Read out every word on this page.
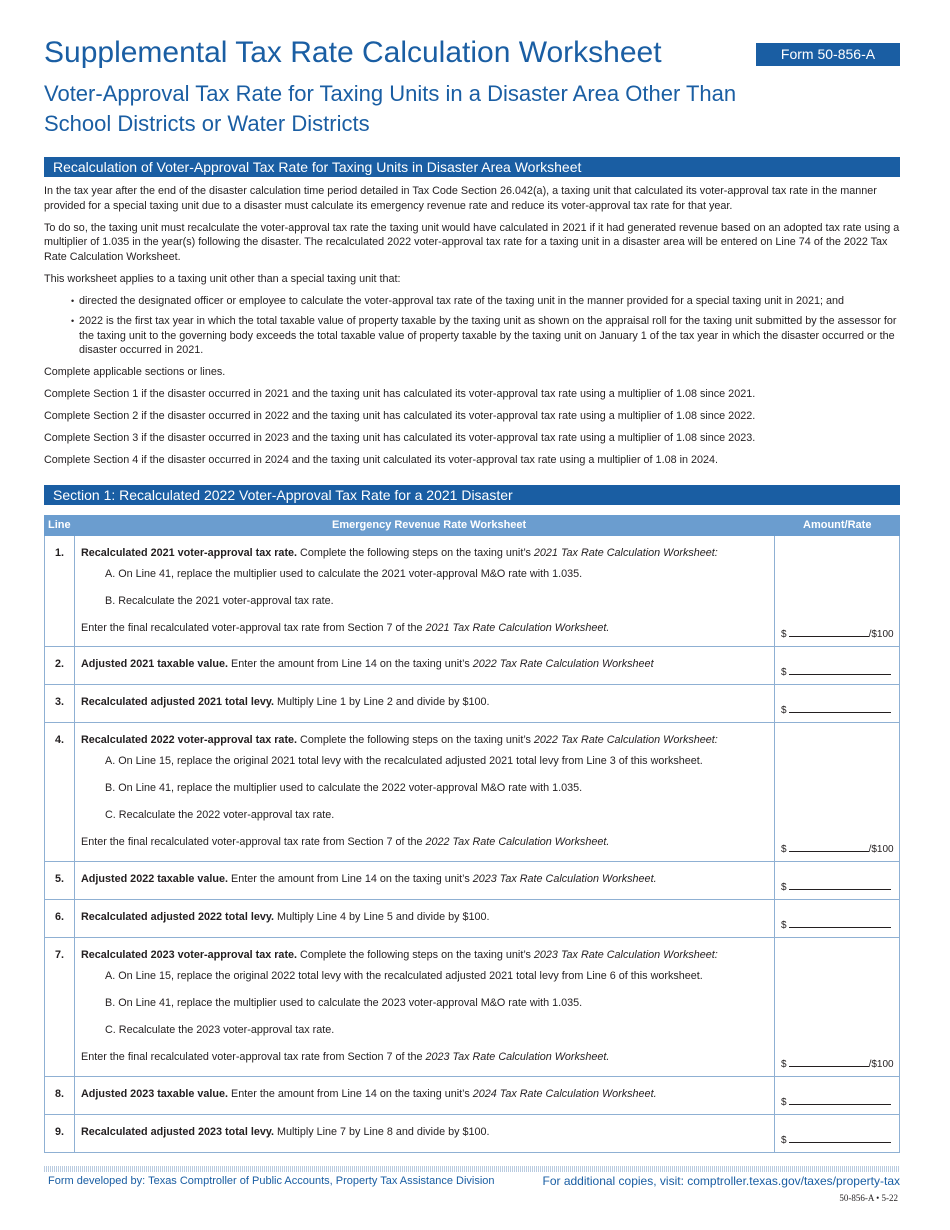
Supplemental Tax Rate Calculation Worksheet	Form 50-856-A
Voter-Approval Tax Rate for Taxing Units in a Disaster Area Other Than School Districts or Water Districts
Recalculation of Voter-Approval Tax Rate for Taxing Units in Disaster Area Worksheet

In the tax year after the end of the disaster calculation time period detailed in Tax Code Section 26.042(a), a taxing unit that calculated its voter-approval tax rate in the manner provided for a special taxing unit due to a disaster must calculate its emergency revenue rate and reduce its voter-approval tax rate for that year.

To do so, the taxing unit must recalculate the voter-approval tax rate the taxing unit would have calculated in 2021 if it had generated revenue based on an adopted tax rate using a multiplier of 1.035 in the year(s) following the disaster. The recalculated 2022 voter-approval tax rate for a taxing unit in a disaster area will be entered on Line 74 of the 2022 Tax Rate Calculation Worksheet.

This worksheet applies to a taxing unit other than a special taxing unit that:

• directed the designated officer or employee to calculate the voter-approval tax rate of the taxing unit in the manner provided for a special taxing unit in 2021; and
• 2022 is the first tax year in which the total taxable value of property taxable by the taxing unit as shown on the appraisal roll for the taxing unit submitted by the assessor for the taxing unit to the governing body exceeds the total taxable value of property taxable by the taxing unit on January 1 of the tax year in which the disaster occurred or the disaster occurred in 2021.

Complete applicable sections or lines.

Complete Section 1 if the disaster occurred in 2021 and the taxing unit has calculated its voter-approval tax rate using a multiplier of 1.08 since 2021.

Complete Section 2 if the disaster occurred in 2022 and the taxing unit has calculated its voter-approval tax rate using a multiplier of 1.08 since 2022.

Complete Section 3 if the disaster occurred in 2023 and the taxing unit has calculated its voter-approval tax rate using a multiplier of 1.08 since 2023.

Complete Section 4 if the disaster occurred in 2024 and the taxing unit calculated its voter-approval tax rate using a multiplier of 1.08 in 2024.

Section 1: Recalculated 2022 Voter-Approval Tax Rate for a 2021 Disaster
Line	Emergency Revenue Rate Worksheet	Amount/Rate
1.	Recalculated 2021 voter-approval tax rate. Complete the following steps on the taxing unit’s 2021 Tax Rate Calculation Worksheet:
A. On Line 41, replace the multiplier used to calculate the 2021 voter-approval M&O rate with 1.035.
B. Recalculate the 2021 voter-approval tax rate.
Enter the final recalculated voter-approval tax rate from Section 7 of the 2021 Tax Rate Calculation Worksheet.
$	/$100
2.	Adjusted 2021 taxable value. Enter the amount from Line 14 on the taxing unit’s 2022 Tax Rate Calculation Worksheet
$
3.	Recalculated adjusted 2021 total levy. Multiply Line 1 by Line 2 and divide by $100.
$
4.	Recalculated 2022 voter-approval tax rate. Complete the following steps on the taxing unit’s 2022 Tax Rate Calculation Worksheet:
A. On Line 15, replace the original 2021 total levy with the recalculated adjusted 2021 total levy from Line 3 of this worksheet.
B. On Line 41, replace the multiplier used to calculate the 2022 voter-approval M&O rate with 1.035.
C. Recalculate the 2022 voter-approval tax rate.
Enter the final recalculated voter-approval tax rate from Section 7 of the 2022 Tax Rate Calculation Worksheet.
$	/$100
5.	Adjusted 2022 taxable value. Enter the amount from Line 14 on the taxing unit’s 2023 Tax Rate Calculation Worksheet.
$
6.	Recalculated adjusted 2022 total levy. Multiply Line 4 by Line 5 and divide by $100.
$
7.	Recalculated 2023 voter-approval tax rate. Complete the following steps on the taxing unit’s 2023 Tax Rate Calculation Worksheet:
A. On Line 15, replace the original 2022 total levy with the recalculated adjusted 2021 total levy from Line 6 of this worksheet.
B. On Line 41, replace the multiplier used to calculate the 2023 voter-approval M&O rate with 1.035.
C. Recalculate the 2023 voter-approval tax rate.
Enter the final recalculated voter-approval tax rate from Section 7 of the 2023 Tax Rate Calculation Worksheet.
$	/$100
8.	Adjusted 2023 taxable value. Enter the amount from Line 14 on the taxing unit’s 2024 Tax Rate Calculation Worksheet.
$
9.	Recalculated adjusted 2023 total levy. Multiply Line 7 by Line 8 and divide by $100.
$
Form developed by: Texas Comptroller of Public Accounts, Property Tax Assistance Division	For additional copies, visit: comptroller.texas.gov/taxes/property-tax
50-856-A • 5-22
